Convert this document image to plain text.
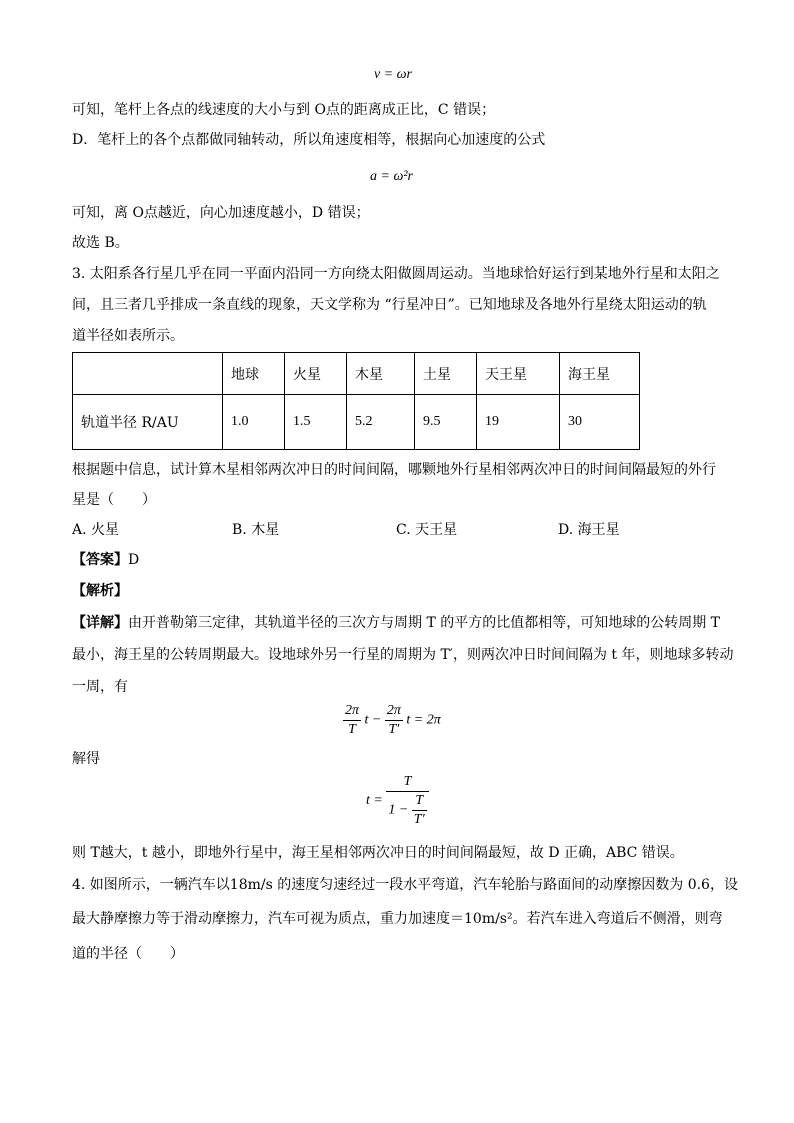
v = ωr
可知，笔杆上各点的线速度的大小与到 O点的距离成正比，C 错误；
D．笔杆上的各个点都做同轴转动，所以角速度相等，根据向心加速度的公式
a = ω²r
可知，离 O点越近，向心加速度越小，D 错误；
故选 B。
3. 太阳系各行星几乎在同一平面内沿同一方向绕太阳做圆周运动。当地球恰好运行到某地外行星和太阳之
间，且三者几乎排成一条直线的现象，天文学称为 “行星冲日”。已知地球及各地外行星绕太阳运动的轨
道半径如表所示。
	地球	火星	木星	土星	天王星	海王星
轨道半径 R/AU	1.0	1.5	5.2	9.5	19	30
根据题中信息，试计算木星相邻两次冲日的时间间隔，哪颗地外行星相邻两次冲日的时间间隔最短的外行
星是（　　）
A. 火星	B. 木星	C. 天王星	D. 海王星
【答案】D
【解析】
【详解】由开普勒第三定律，其轨道半径的三次方与周期 T 的平方的比值都相等，可知地球的公转周期 T
最小，海王星的公转周期最大。设地球外另一行星的周期为 T′，则两次冲日时间间隔为 t 年，则地球多转动
一周，有
$\frac{2\pi}{T}$ $t - \frac{2\pi}{T'}$ t = 2π
解得
$t = \frac{T}{1 - \frac{T}{T'}}$
则 T越大，t 越小，即地外行星中，海王星相邻两次冲日的时间间隔最短，故 D 正确，ABC 错误。
4. 如图所示，一辆汽车以18m/s 的速度匀速经过一段水平弯道，汽车轮胎与路面间的动摩擦因数为 0.6，设
最大静摩擦力等于滑动摩擦力，汽车可视为质点，重力加速度＝10m/s²。若汽车进入弯道后不侧滑，则弯
道的半径（　　）
